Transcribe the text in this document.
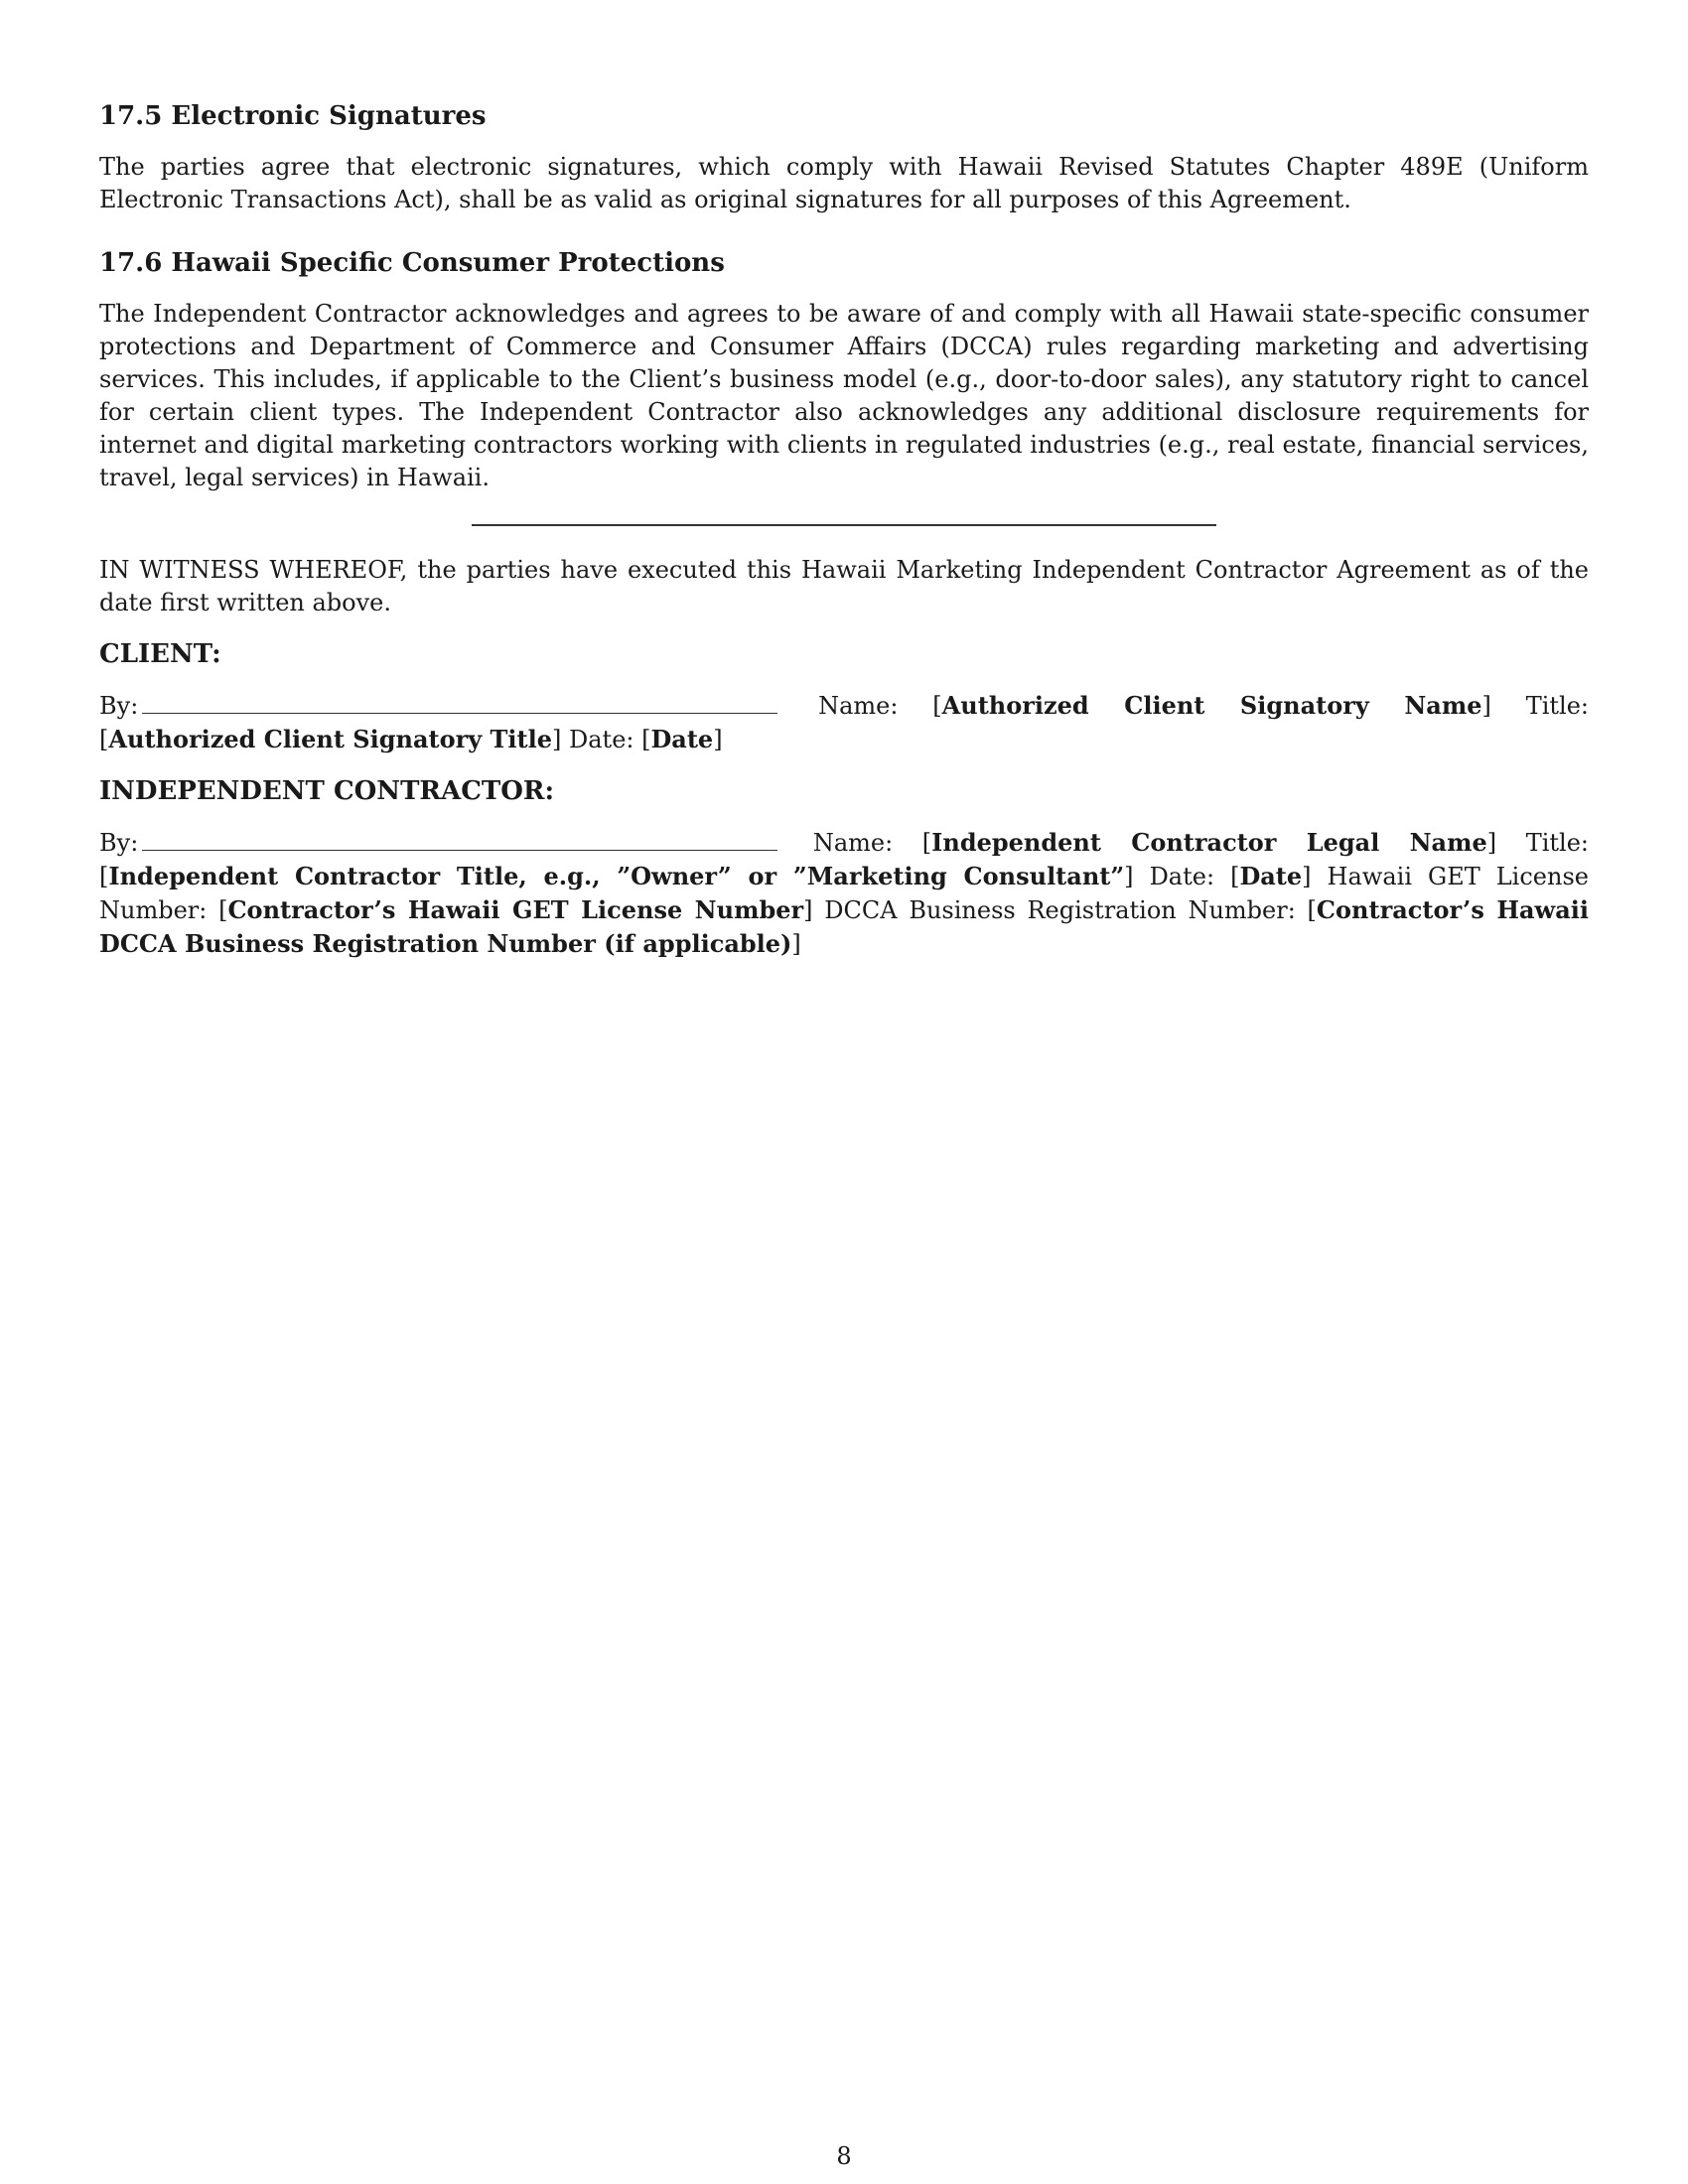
17.5 Electronic Signatures

The parties agree that electronic signatures, which comply with Hawaii Revised Statutes Chapter 489E (Uniform Electronic Transactions Act), shall be as valid as original signatures for all purposes of this Agreement.

17.6 Hawaii Specific Consumer Protections

The Independent Contractor acknowledges and agrees to be aware of and comply with all Hawaii state-specific consumer protections and Department of Commerce and Consumer Affairs (DCCA) rules regarding marketing and advertising services. This includes, if applicable to the Client’s business model (e.g., door-to-door sales), any statutory right to cancel for certain client types. The Independent Contractor also acknowledges any additional disclosure requirements for internet and digital marketing contractors working with clients in regulated industries (e.g., real estate, financial services, travel, legal services) in Hawaii.

IN WITNESS WHEREOF, the parties have executed this Hawaii Marketing Independent Contractor Agreement as of the date first written above.

CLIENT:

By:	Name: [Authorized Client Signatory Name] Title: [Authorized Client Signatory Title] Date: [Date]

INDEPENDENT CONTRACTOR:

By:	Name: [Independent Contractor Legal Name] Title: [Independent Contractor Title, e.g., ”Owner” or ”Marketing Consultant”] Date: [Date] Hawaii GET License Number: [Contractor’s Hawaii GET License Number] DCCA Business Registration Number: [Contractor’s Hawaii DCCA Business Registration Number (if applicable)]

8
